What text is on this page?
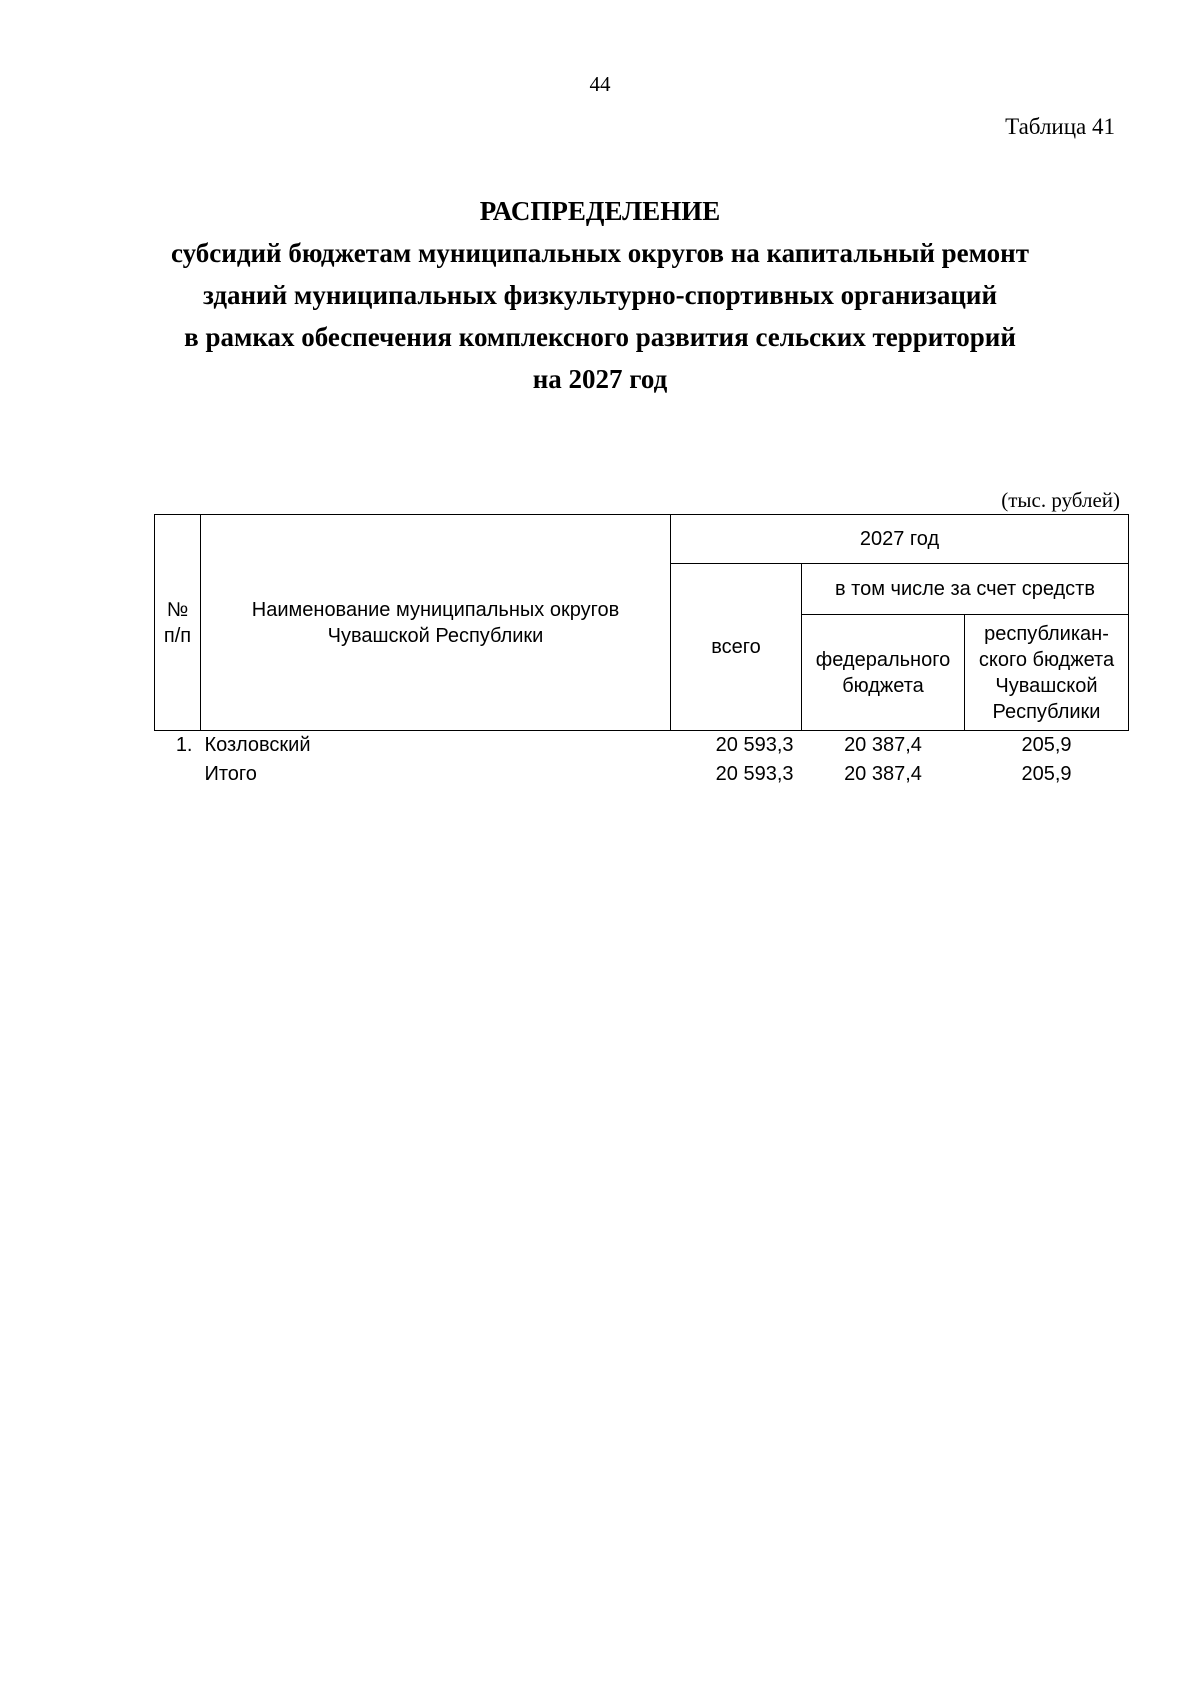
44
Таблица 41
РАСПРЕДЕЛЕНИЕ
субсидий бюджетам муниципальных округов на капитальный ремонт
зданий муниципальных физкультурно-спортивных организаций
в рамках обеспечения комплексного развития сельских территорий
на 2027 год
(тыс. рублей)
№ п/п	Наименование муниципальных округов Чувашской Республики	2027 год		
		всего	в том числе за счет средств	
			федерального бюджета	республикан-ского бюджета Чувашской Республики
1.	Козловский	20 593,3	20 387,4	205,9
	Итого	20 593,3	20 387,4	205,9
